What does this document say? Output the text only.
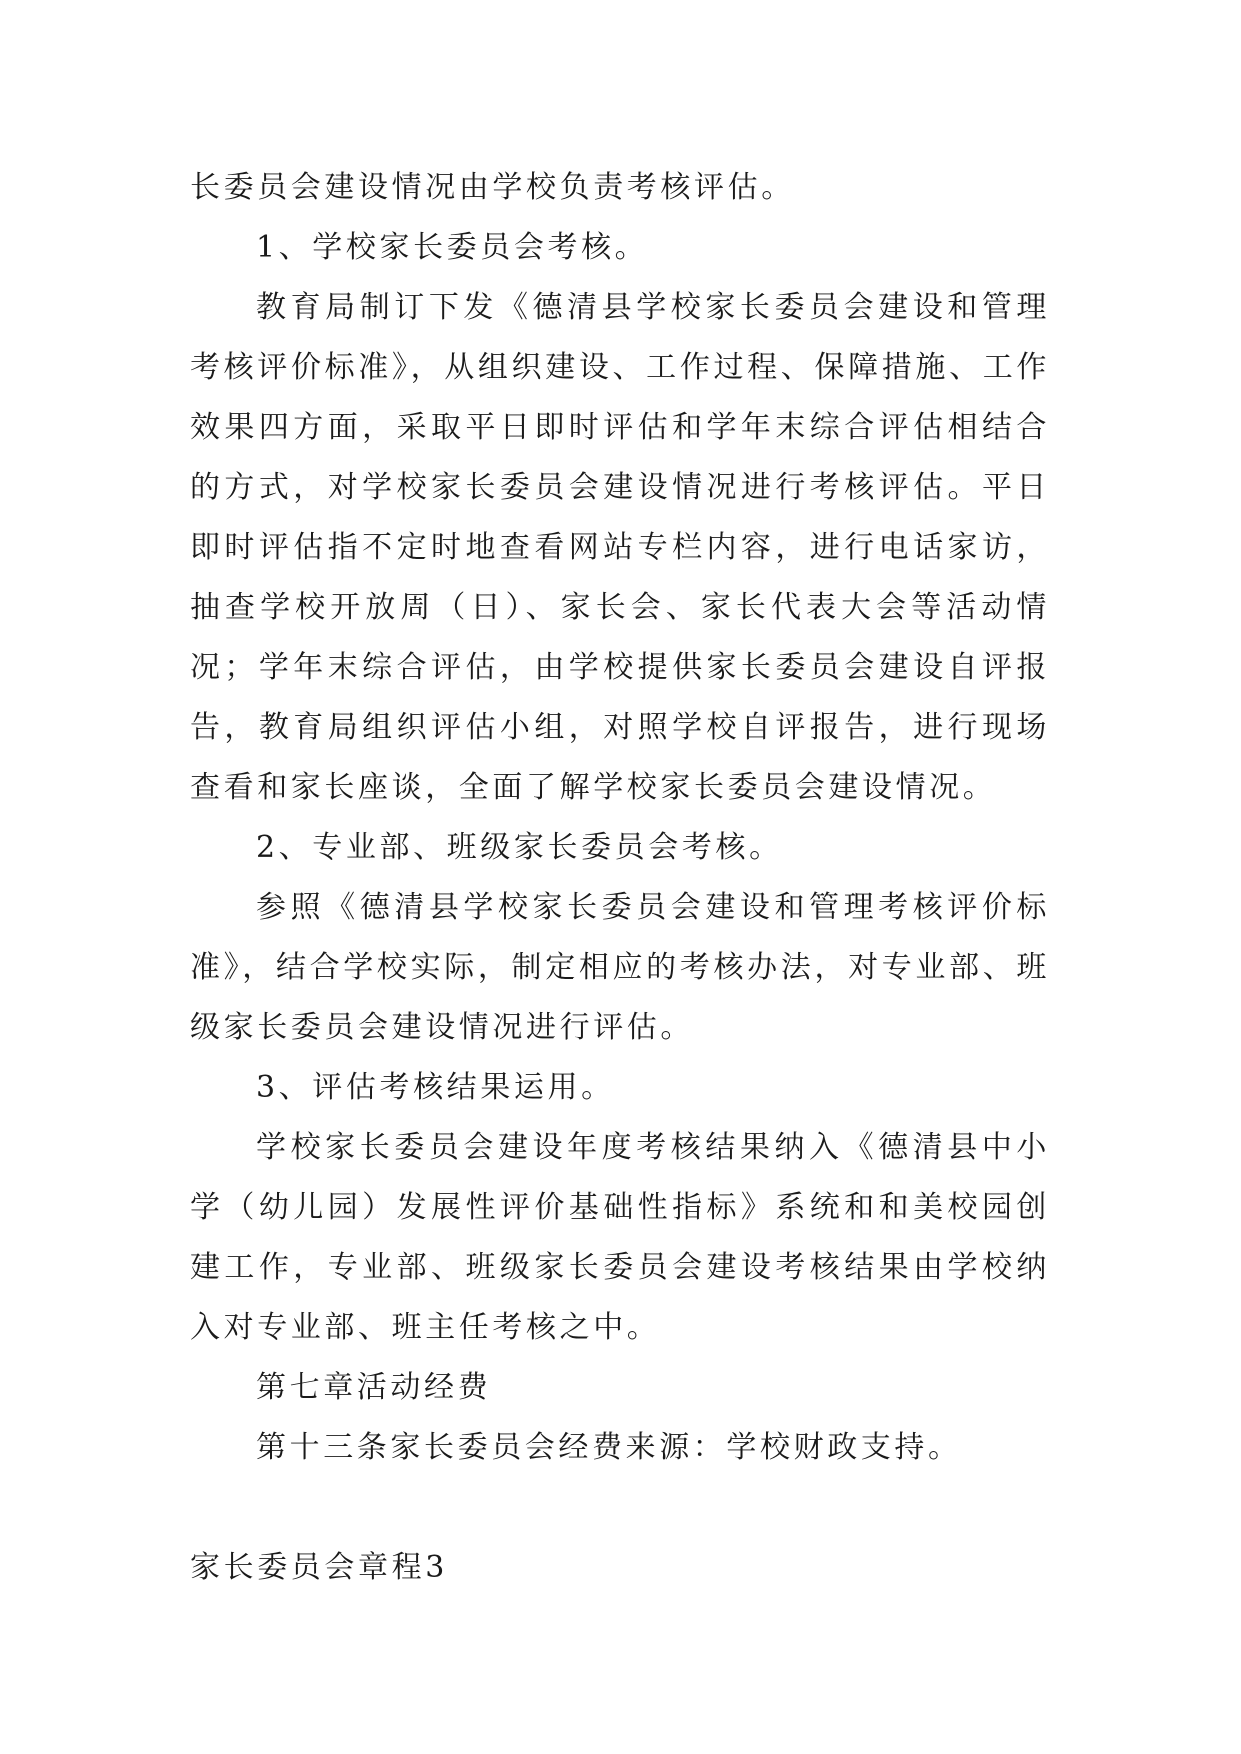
长委员会建设情况由学校负责考核评估。

1、学校家长委员会考核。

教育局制订下发《德清县学校家长委员会建设和管理考核评价标准》，从组织建设、工作过程、保障措施、工作效果四方面，采取平日即时评估和学年末综合评估相结合的方式，对学校家长委员会建设情况进行考核评估。平日即时评估指不定时地查看网站专栏内容，进行电话家访，抽查学校开放周（日）、家长会、家长代表大会等活动情况；学年末综合评估，由学校提供家长委员会建设自评报告，教育局组织评估小组，对照学校自评报告，进行现场查看和家长座谈，全面了解学校家长委员会建设情况。

2、专业部、班级家长委员会考核。

参照《德清县学校家长委员会建设和管理考核评价标准》，结合学校实际，制定相应的考核办法，对专业部、班级家长委员会建设情况进行评估。

3、评估考核结果运用。

学校家长委员会建设年度考核结果纳入《德清县中小学（幼儿园）发展性评价基础性指标》系统和和美校园创建工作，专业部、班级家长委员会建设考核结果由学校纳入对专业部、班主任考核之中。

第七章活动经费

第十三条家长委员会经费来源：学校财政支持。

家长委员会章程3
